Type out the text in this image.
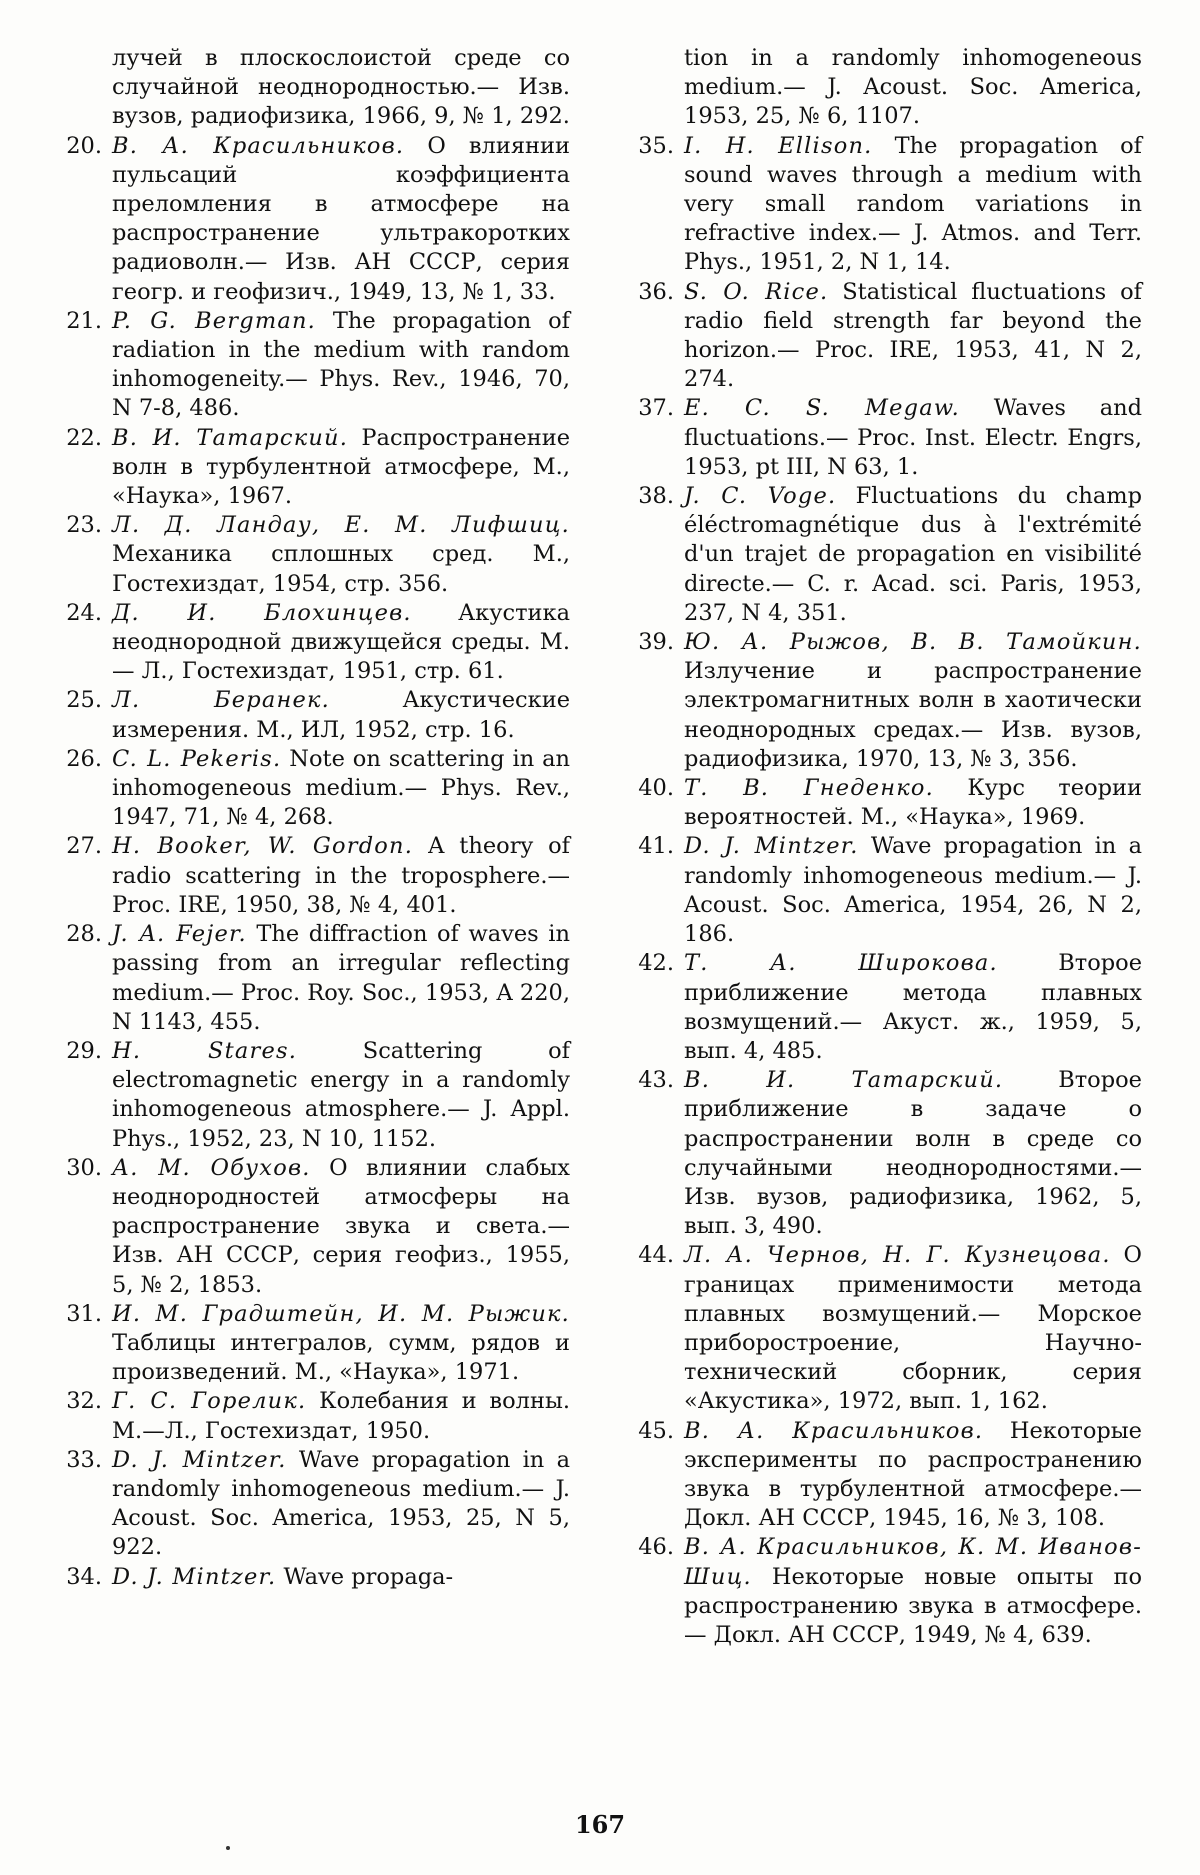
лучей в плоскослоистой среде со случайной неоднородностью.— Изв. вузов, радиофизика, 1966, 9, № 1, 292.
20. В. А. Красильников. О влиянии пульсаций коэффициента преломления в атмосфере на распространение ультракоротких радиоволн.— Изв. АН СССР, серия геогр. и геофизич., 1949, 13, № 1, 33.
21. P. G. Bergman. The propagation of radiation in the medium with random inhomogeneity.— Phys. Rev., 1946, 70, N 7-8, 486.
22. В. И. Татарский. Распространение волн в турбулентной атмосфере, М., «Наука», 1967.
23. Л. Д. Ландау, Е. М. Лифшиц. Механика сплошных сред. М., Гостехиздат, 1954, стр. 356.
24. Д. И. Блохинцев. Акустика неоднородной движущейся среды. М.— Л., Гостехиздат, 1951, стр. 61.
25. Л. Беранек.	Акустические измерения. М., ИЛ, 1952, стр. 16.
26. C. L. Pekeris. Note on scattering in an inhomogeneous medium.— Phys. Rev., 1947, 71, № 4, 268.
27. H. Booker, W. Gordon. A theory of radio scattering in the troposphere.— Proc. IRE, 1950, 38, № 4, 401.
28. J. A. Fejer. The diffraction of waves in passing from an irregular reflecting medium.— Proc. Roy. Soc., 1953, A 220, N 1143, 455.
29. H. Stares.	Scattering of electromagnetic energy in a randomly inhomogeneous atmosphere.— J. Appl. Phys., 1952, 23, N 10, 1152.
30. А. М. Обухов. О влиянии слабых неоднородностей атмосферы на распространение звука и света.— Изв. АН СССР, серия геофиз., 1955, 5, № 2, 1853.
31. И. М. Градштейн, И. М. Рыжик. Таблицы интегралов, сумм, рядов и произведений. М., «Наука», 1971.
32. Г. С. Горелик. Колебания и волны. М.—Л., Гостехиздат, 1950.
33. D. J. Mintzer. Wave propagation in a randomly inhomogeneous medium.— J. Acoust. Soc. America, 1953, 25, N 5, 922.
34. D. J. Mintzer. Wave propaga-
tion in a randomly inhomogeneous medium.— J. Acoust. Soc. America, 1953, 25, № 6, 1107.
35. I. H. Ellison. The propagation of sound waves through a medium with very small random variations in refractive index.— J. Atmos. and Terr. Phys., 1951, 2, N 1, 14.
36. S. O. Rice. Statistical fluctuations of radio field strength far beyond the horizon.— Proc. IRE, 1953, 41, N 2, 274.
37. E. C. S. Megaw. Waves and fluctuations.— Proc. Inst. Electr. Engrs, 1953, pt III, N 63, 1.
38. J. C. Voge. Fluctuations du champ éléctromagnétique dus à l'extrémité d'un trajet de propagation en visibilité directe.— C. r. Acad. sci. Paris, 1953, 237, N 4, 351.
39. Ю. А. Рыжов, В. В. Тамойкин. Излучение и распространение электромагнитных волн в хаотически неоднородных средах.— Изв. вузов, радиофизика, 1970, 13, № 3, 356.
40. Т. В. Гнеденко. Курс теории вероятностей. М., «Наука», 1969.
41. D. J. Mintzer. Wave propagation in a randomly inhomogeneous medium.— J. Acoust. Soc. America, 1954, 26, N 2, 186.
42. Т. А. Широкова.	Второе приближение метода плавных возмущений.— Акуст. ж., 1959, 5, вып. 4, 485.
43. В. И. Татарский. Второе приближение в задаче о распространении волн в среде со случайными неоднородностями.— Изв. вузов, радиофизика, 1962, 5, вып. 3, 490.
44. Л. А. Чернов, Н. Г. Кузнецова. О границах применимости метода плавных возмущений.— Морское приборостроение, Научно-технический сборник, серия «Акустика», 1972, вып. 1, 162.
45. В. А. Красильников. Некоторые эксперименты по распространению звука в турбулентной атмосфере.— Докл. АН СССР, 1945, 16, № 3, 108.
46. В. А. Красильников, К. М. Иванов-Шиц. Некоторые новые опыты по распространению звука в атмосфере.— Докл. АН СССР, 1949, № 4, 639.
167
